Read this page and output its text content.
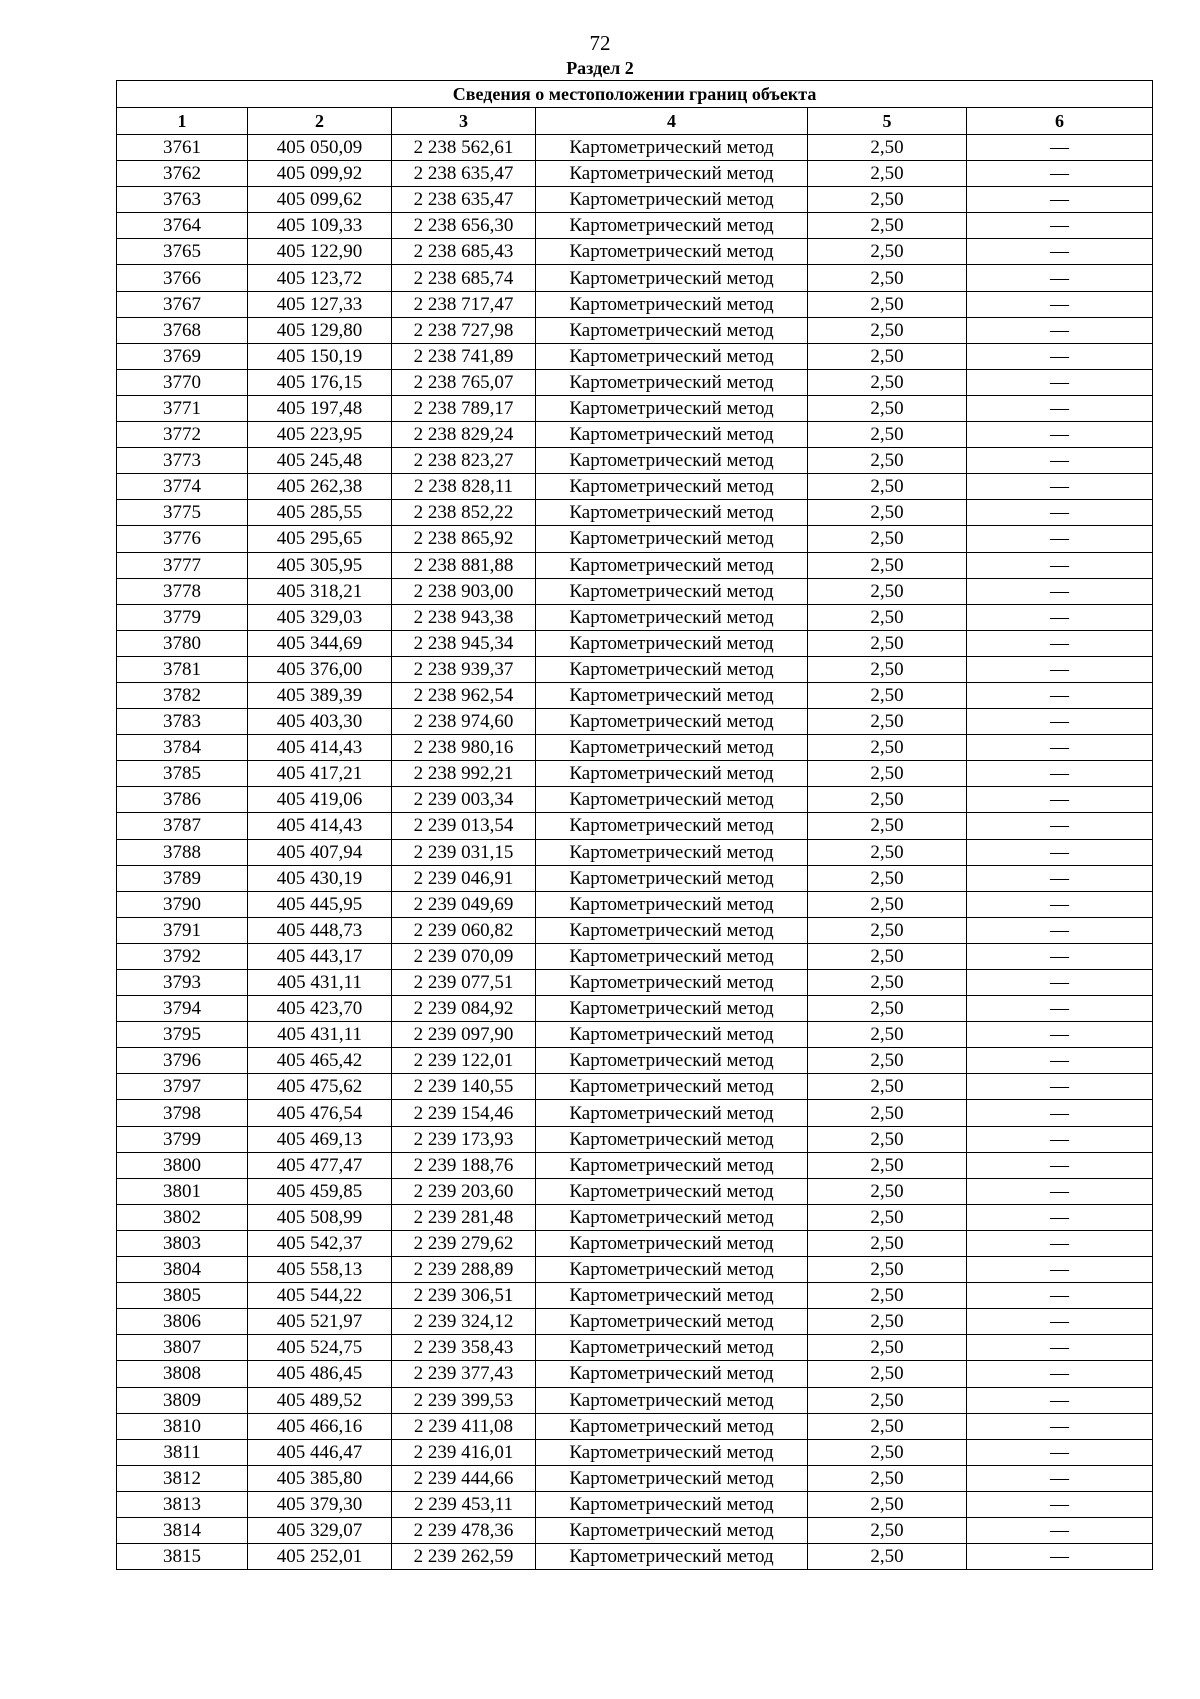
72
Раздел 2
Сведения о местоположении границ объекта					
1	2	3	4	5	6
3761	405 050,09	2 238 562,61	Картометрический метод	2,50	—
3762	405 099,92	2 238 635,47	Картометрический метод	2,50	—
3763	405 099,62	2 238 635,47	Картометрический метод	2,50	—
3764	405 109,33	2 238 656,30	Картометрический метод	2,50	—
3765	405 122,90	2 238 685,43	Картометрический метод	2,50	—
3766	405 123,72	2 238 685,74	Картометрический метод	2,50	—
3767	405 127,33	2 238 717,47	Картометрический метод	2,50	—
3768	405 129,80	2 238 727,98	Картометрический метод	2,50	—
3769	405 150,19	2 238 741,89	Картометрический метод	2,50	—
3770	405 176,15	2 238 765,07	Картометрический метод	2,50	—
3771	405 197,48	2 238 789,17	Картометрический метод	2,50	—
3772	405 223,95	2 238 829,24	Картометрический метод	2,50	—
3773	405 245,48	2 238 823,27	Картометрический метод	2,50	—
3774	405 262,38	2 238 828,11	Картометрический метод	2,50	—
3775	405 285,55	2 238 852,22	Картометрический метод	2,50	—
3776	405 295,65	2 238 865,92	Картометрический метод	2,50	—
3777	405 305,95	2 238 881,88	Картометрический метод	2,50	—
3778	405 318,21	2 238 903,00	Картометрический метод	2,50	—
3779	405 329,03	2 238 943,38	Картометрический метод	2,50	—
3780	405 344,69	2 238 945,34	Картометрический метод	2,50	—
3781	405 376,00	2 238 939,37	Картометрический метод	2,50	—
3782	405 389,39	2 238 962,54	Картометрический метод	2,50	—
3783	405 403,30	2 238 974,60	Картометрический метод	2,50	—
3784	405 414,43	2 238 980,16	Картометрический метод	2,50	—
3785	405 417,21	2 238 992,21	Картометрический метод	2,50	—
3786	405 419,06	2 239 003,34	Картометрический метод	2,50	—
3787	405 414,43	2 239 013,54	Картометрический метод	2,50	—
3788	405 407,94	2 239 031,15	Картометрический метод	2,50	—
3789	405 430,19	2 239 046,91	Картометрический метод	2,50	—
3790	405 445,95	2 239 049,69	Картометрический метод	2,50	—
3791	405 448,73	2 239 060,82	Картометрический метод	2,50	—
3792	405 443,17	2 239 070,09	Картометрический метод	2,50	—
3793	405 431,11	2 239 077,51	Картометрический метод	2,50	—
3794	405 423,70	2 239 084,92	Картометрический метод	2,50	—
3795	405 431,11	2 239 097,90	Картометрический метод	2,50	—
3796	405 465,42	2 239 122,01	Картометрический метод	2,50	—
3797	405 475,62	2 239 140,55	Картометрический метод	2,50	—
3798	405 476,54	2 239 154,46	Картометрический метод	2,50	—
3799	405 469,13	2 239 173,93	Картометрический метод	2,50	—
3800	405 477,47	2 239 188,76	Картометрический метод	2,50	—
3801	405 459,85	2 239 203,60	Картометрический метод	2,50	—
3802	405 508,99	2 239 281,48	Картометрический метод	2,50	—
3803	405 542,37	2 239 279,62	Картометрический метод	2,50	—
3804	405 558,13	2 239 288,89	Картометрический метод	2,50	—
3805	405 544,22	2 239 306,51	Картометрический метод	2,50	—
3806	405 521,97	2 239 324,12	Картометрический метод	2,50	—
3807	405 524,75	2 239 358,43	Картометрический метод	2,50	—
3808	405 486,45	2 239 377,43	Картометрический метод	2,50	—
3809	405 489,52	2 239 399,53	Картометрический метод	2,50	—
3810	405 466,16	2 239 411,08	Картометрический метод	2,50	—
3811	405 446,47	2 239 416,01	Картометрический метод	2,50	—
3812	405 385,80	2 239 444,66	Картометрический метод	2,50	—
3813	405 379,30	2 239 453,11	Картометрический метод	2,50	—
3814	405 329,07	2 239 478,36	Картометрический метод	2,50	—
3815	405 252,01	2 239 262,59	Картометрический метод	2,50	—
